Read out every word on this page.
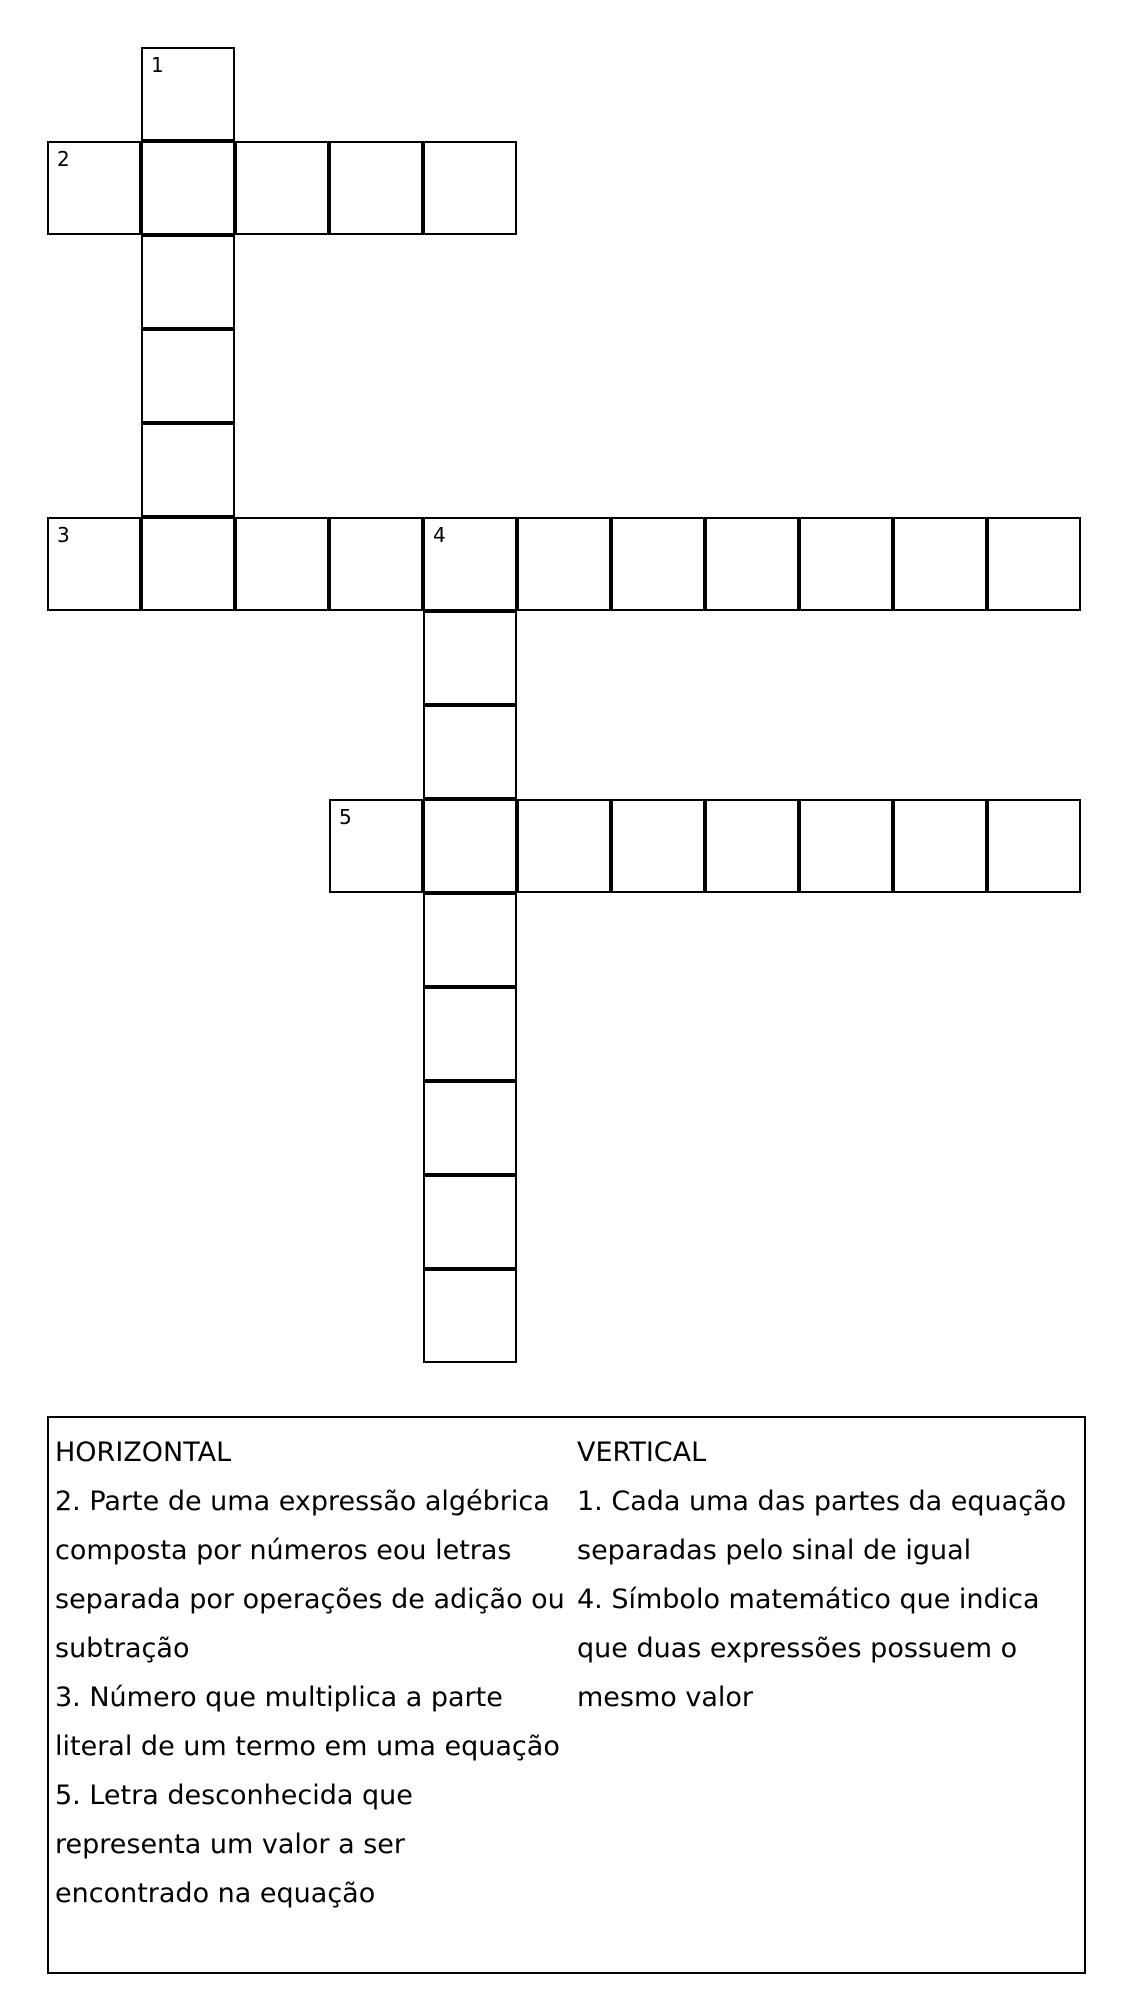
1
2
3	4
5
HORIZONTAL
2. Parte de uma expressão algébrica
composta por números eou letras
separada por operações de adição ou
subtração
3. Número que multiplica a parte
literal de um termo em uma equação
5. Letra desconhecida que
representa um valor a ser
encontrado na equação
VERTICAL
1. Cada uma das partes da equação
separadas pelo sinal de igual
4. Símbolo matemático que indica
que duas expressões possuem o
mesmo valor
